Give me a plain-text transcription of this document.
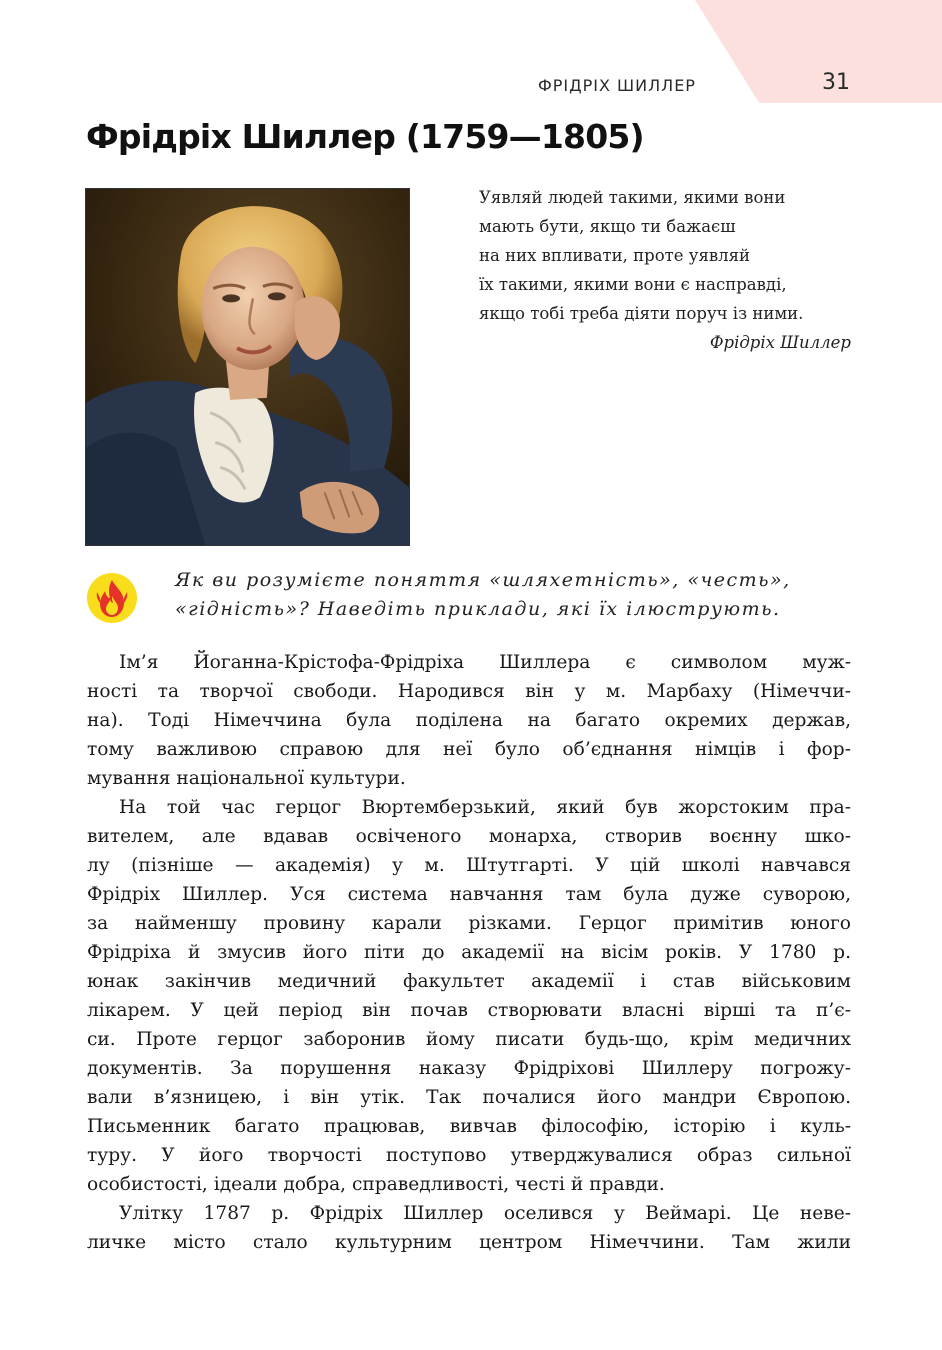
ФРІДРІХ ШИЛЛЕР	31
Фрідріх Шиллер (1759—1805)
Уявляй людей такими, якими вони
мають бути, якщо ти бажаєш
на них впливати, проте уявляй
їх такими, якими вони є насправді,
якщо тобі треба діяти поруч із ними.
Фрідріх Шиллер
Як ви розумієте поняття «шляхетність», «честь»,
«гідність»? Наведіть приклади, які їх ілюструють.
Ім’я Йоганна-Крістофа-Фрідріха Шиллера є символом муж-
ності та творчої свободи. Народився він у м. Марбаху (Німеччи-
на). Тоді Німеччина була поділена на багато окремих держав,
тому важливою справою для неї було об’єднання німців і фор-
мування національної культури.
На той час герцог Вюртемберзький, який був жорстоким пра-
вителем, але вдавав освіченого монарха, створив воєнну шко-
лу (пізніше — академія) у м. Штутгарті. У цій школі навчався
Фрідріх Шиллер. Уся система навчання там була дуже суворою,
за найменшу провину карали різками. Герцог примітив юного
Фрідріха й змусив його піти до академії на вісім років. У 1780 р.
юнак закінчив медичний факультет академії і став військовим
лікарем. У цей період він почав створювати власні вірші та п’є-
си. Проте герцог заборонив йому писати будь-що, крім медичних
документів. За порушення наказу Фрідріхові Шиллеру погрожу-
вали в’язницею, і він утік. Так почалися його мандри Європою.
Письменник багато працював, вивчав філософію, історію і куль-
туру. У його творчості поступово утверджувалися образ сильної
особистості, ідеали добра, справедливості, честі й правди.
Улітку 1787 р. Фрідріх Шиллер оселився у Веймарі. Це неве-
личке місто стало культурним центром Німеччини. Там жили
